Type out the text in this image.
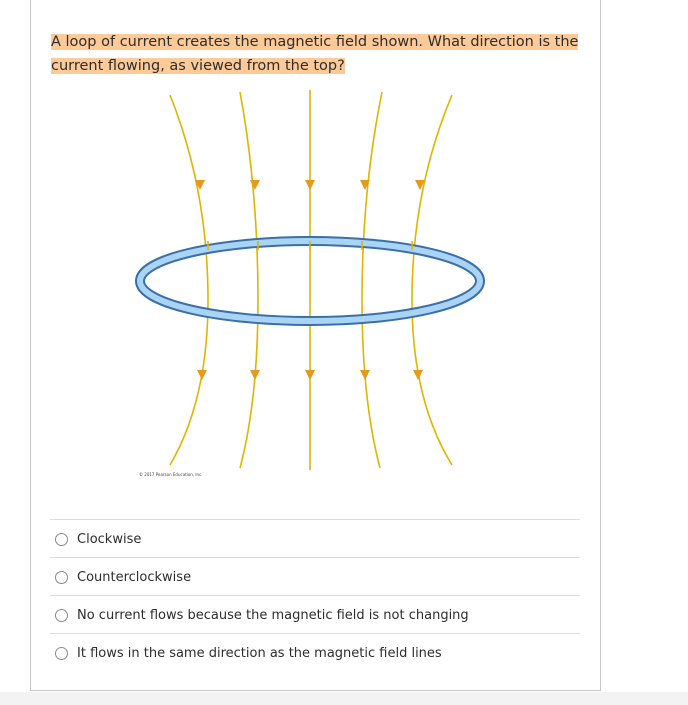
A loop of current creates the magnetic field shown. What direction is the current flowing, as viewed from the top?
© 2017 Pearson Education, Inc.
Clockwise
Counterclockwise
No current flows because the magnetic field is not changing
It flows in the same direction as the magnetic field lines
